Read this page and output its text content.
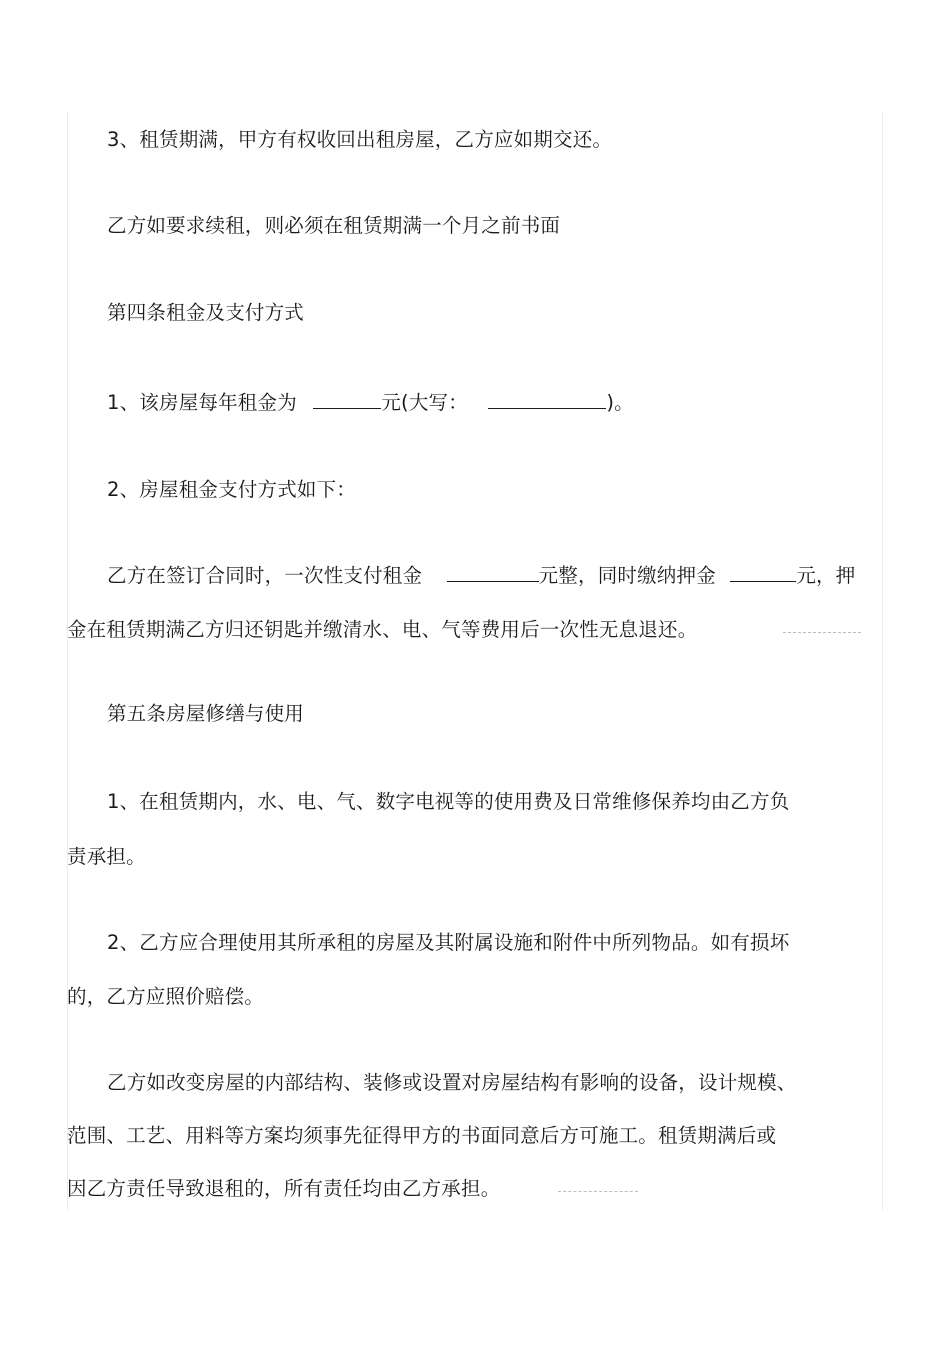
3、租赁期满，甲方有权收回出租房屋，乙方应如期交还。
乙方如要求续租，则必须在租赁期满一个月之前书面
第四条租金及支付方式
1、该房屋每年租金为	元(大写：	)。
2、房屋租金支付方式如下：
乙方在签订合同时，一次性支付租金	元整，同时缴纳押金	元，押
金在租赁期满乙方归还钥匙并缴清水、电、气等费用后一次性无息退还。
第五条房屋修缮与使用
1、在租赁期内，水、电、气、数字电视等的使用费及日常维修保养均由乙方负
责承担。
2、乙方应合理使用其所承租的房屋及其附属设施和附件中所列物品。如有损坏
的，乙方应照价赔偿。
乙方如改变房屋的内部结构、装修或设置对房屋结构有影响的设备，设计规模、
范围、工艺、用料等方案均须事先征得甲方的书面同意后方可施工。租赁期满后或
因乙方责任导致退租的，所有责任均由乙方承担。
